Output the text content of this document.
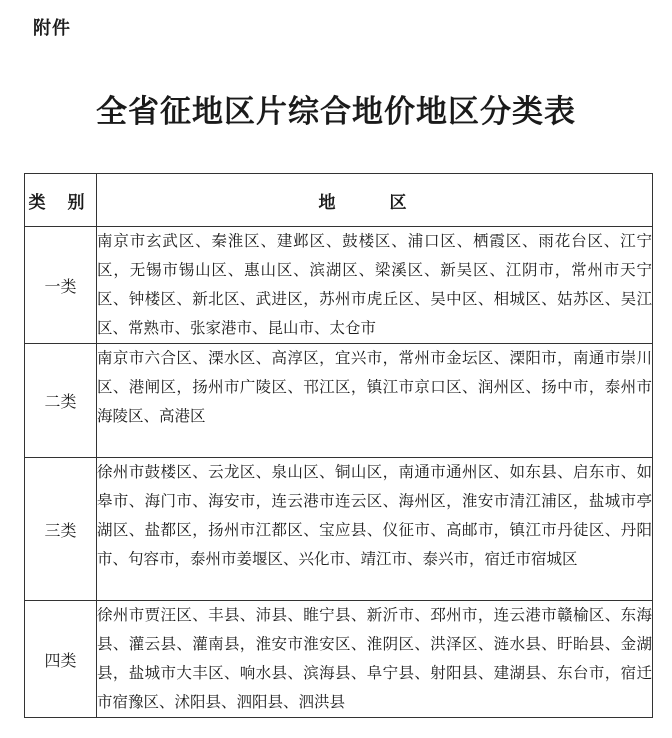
附件
全省征地区片综合地价地区分类表
类 别	地 区
一类	南京市玄武区、秦淮区、建邺区、鼓楼区、浦口区、栖霞区、雨花台区、江宁区，无锡市锡山区、惠山区、滨湖区、梁溪区、新吴区、江阴市，常州市天宁区、钟楼区、新北区、武进区，苏州市虎丘区、吴中区、相城区、姑苏区、吴江区、常熟市、张家港市、昆山市、太仓市
二类	南京市六合区、溧水区、高淳区，宜兴市，常州市金坛区、溧阳市，南通市崇川区、港闸区，扬州市广陵区、邗江区，镇江市京口区、润州区、扬中市，泰州市海陵区、高港区
三类	徐州市鼓楼区、云龙区、泉山区、铜山区，南通市通州区、如东县、启东市、如皋市、海门市、海安市，连云港市连云区、海州区，淮安市清江浦区，盐城市亭湖区、盐都区，扬州市江都区、宝应县、仪征市、高邮市，镇江市丹徒区、丹阳市、句容市，泰州市姜堰区、兴化市、靖江市、泰兴市，宿迁市宿城区
四类	徐州市贾汪区、丰县、沛县、睢宁县、新沂市、邳州市，连云港市赣榆区、东海县、灌云县、灌南县，淮安市淮安区、淮阴区、洪泽区、涟水县、盱眙县、金湖县，盐城市大丰区、响水县、滨海县、阜宁县、射阳县、建湖县、东台市，宿迁市宿豫区、沭阳县、泗阳县、泗洪县
